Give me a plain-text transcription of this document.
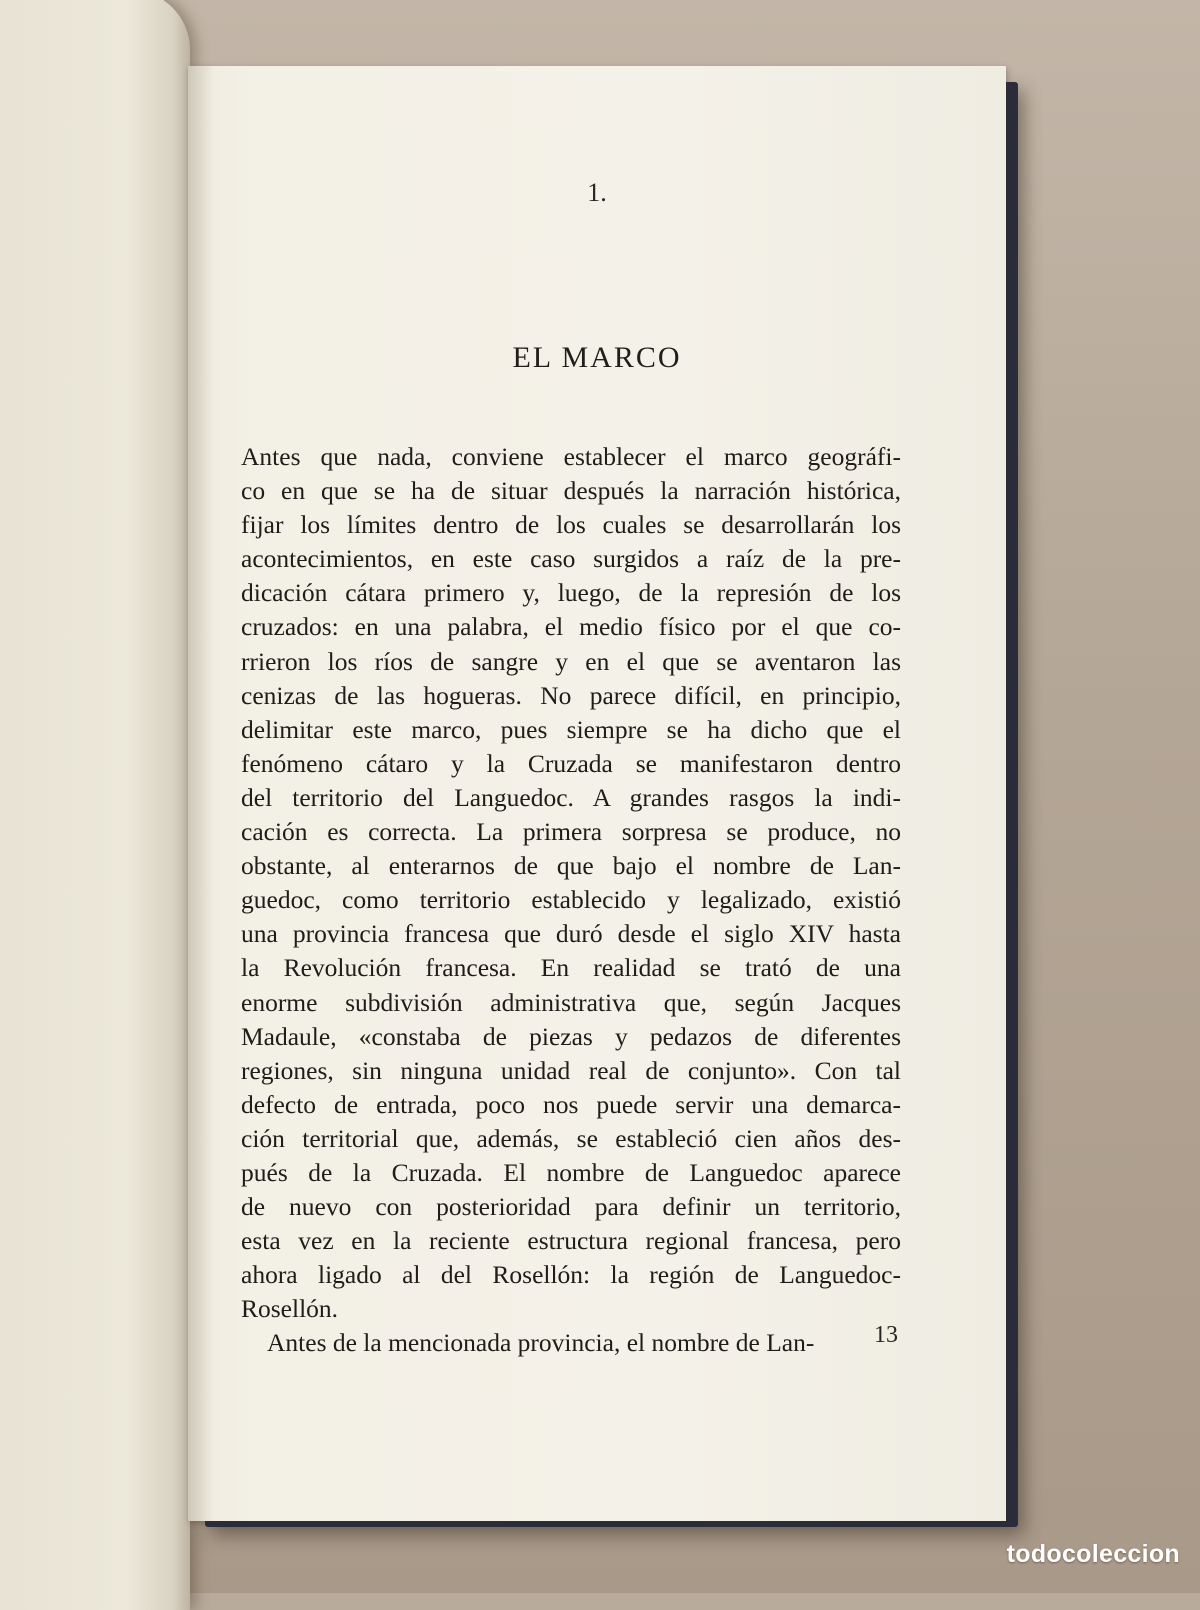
1.
EL MARCO
Antes que nada, conviene establecer el marco geográfi-
co en que se ha de situar después la narración histórica,
fijar los límites dentro de los cuales se desarrollarán los
acontecimientos, en este caso surgidos a raíz de la pre-
dicación cátara primero y, luego, de la represión de los
cruzados: en una palabra, el medio físico por el que co-
rrieron los ríos de sangre y en el que se aventaron las
cenizas de las hogueras. No parece difícil, en principio,
delimitar este marco, pues siempre se ha dicho que el
fenómeno cátaro y la Cruzada se manifestaron dentro
del territorio del Languedoc. A grandes rasgos la indi-
cación es correcta. La primera sorpresa se produce, no
obstante, al enterarnos de que bajo el nombre de Lan-
guedoc, como territorio establecido y legalizado, existió
una provincia francesa que duró desde el siglo XIV hasta
la Revolución francesa. En realidad se trató de una
enorme subdivisión administrativa que, según Jacques
Madaule, «constaba de piezas y pedazos de diferentes
regiones, sin ninguna unidad real de conjunto». Con tal
defecto de entrada, poco nos puede servir una demarca-
ción territorial que, además, se estableció cien años des-
pués de la Cruzada. El nombre de Languedoc aparece
de nuevo con posterioridad para definir un territorio,
esta vez en la reciente estructura regional francesa, pero
ahora ligado al del Rosellón: la región de Languedoc-
Rosellón.
Antes de la mencionada provincia, el nombre de Lan-	13
todocoleccion
